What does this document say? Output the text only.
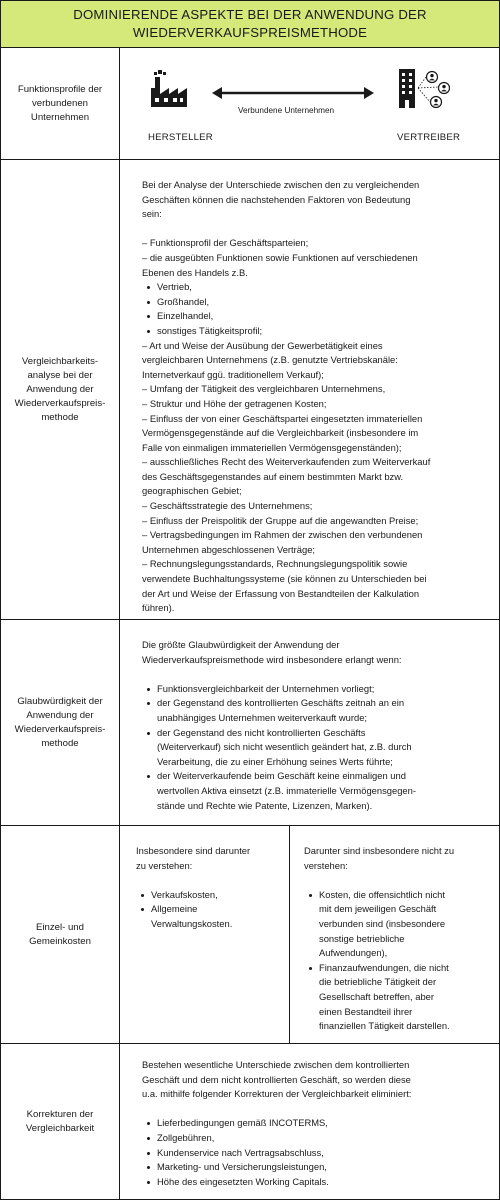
DOMINIERENDE ASPEKTE BEI DER ANWENDUNG DER
WIEDERVERKAUFSPREISMETHODE
Funktionsprofile der
verbundenen
Unternehmen
Verbundene Unternehmen
HERSTELLER	VERTREIBER
Vergleichbarkeits-
analyse bei der
Anwendung der
Wiederverkaufspreis-
methode

Bei der Analyse der Unterschiede zwischen den zu vergleichenden

Geschäften können die nachstehenden Faktoren von Bedeutung

sein:

– Funktionsprofil der Geschäftsparteien;

– die ausgeübten Funktionen sowie Funktionen auf verschiedenen

Ebenen des Handels z.B.

Vertrieb,

Großhandel,

Einzelhandel,

sonstiges Tätigkeitsprofil;

– Art und Weise der Ausübung der Gewerbetätigkeit eines

vergleichbaren Unternehmens (z.B. genutzte Vertriebskanäle:

Internetverkauf ggü. traditionellem Verkauf);

– Umfang der Tätigkeit des vergleichbaren Unternehmens,

– Struktur und Höhe der getragenen Kosten;

– Einfluss der von einer Geschäftspartei eingesetzten immateriellen

Vermögensgegenstände auf die Vergleichbarkeit (insbesondere im

Falle von einmaligen immateriellen Vermögensgegenständen);

– ausschließliches Recht des Weiterverkaufenden zum Weiterverkauf

des Geschäftsgegenstandes auf einem bestimmten Markt bzw.

geographischen Gebiet;

– Geschäftsstrategie des Unternehmens;

– Einfluss der Preispolitik der Gruppe auf die angewandten Preise;

– Vertragsbedingungen im Rahmen der zwischen den verbundenen

Unternehmen abgeschlossenen Verträge;

– Rechnungslegungsstandards, Rechnungslegungspolitik sowie

verwendete Buchhaltungssysteme (sie können zu Unterschieden bei

der Art und Weise der Erfassung von Bestandteilen der Kalkulation

führen).

Glaubwürdigkeit der
Anwendung der
Wiederverkaufspreis-
methode

Die größte Glaubwürdigkeit der Anwendung der

Wiederverkaufspreismethode wird insbesondere erlangt wenn:

Funktionsvergleichbarkeit der Unternehmen vorliegt;

der Gegenstand des kontrollierten Geschäfts zeitnah an ein

unabhängiges Unternehmen weiterverkauft wurde;

der Gegenstand des nicht kontrollierten Geschäfts

(Weiterverkauf) sich nicht wesentlich geändert hat, z.B. durch

Verarbeitung, die zu einer Erhöhung seines Werts führte;

der Weiterverkaufende beim Geschäft keine einmaligen und

wertvollen Aktiva einsetzt (z.B. immaterielle Vermögensgegen-

stände und Rechte wie Patente, Lizenzen, Marken).

Einzel- und
Gemeinkosten

Insbesondere sind darunter

zu verstehen:

Verkaufskosten,

Allgemeine

Verwaltungskosten.

Darunter sind insbesondere nicht zu

verstehen:

Kosten, die offensichtlich nicht

mit dem jeweiligen Geschäft

verbunden sind (insbesondere

sonstige betriebliche

Aufwendungen),

Finanzaufwendungen, die nicht

die betriebliche Tätigkeit der

Gesellschaft betreffen, aber

einen Bestandteil ihrer

finanziellen Tätigkeit darstellen.

Korrekturen der
Vergleichbarkeit

Bestehen wesentliche Unterschiede zwischen dem kontrollierten

Geschäft und dem nicht kontrollierten Geschäft, so werden diese

u.a. mithilfe folgender Korrekturen der Vergleichbarkeit eliminiert:

Lieferbedingungen gemäß INCOTERMS,

Zollgebühren,

Kundenservice nach Vertragsabschluss,

Marketing- und Versicherungsleistungen,

Höhe des eingesetzten Working Capitals.
